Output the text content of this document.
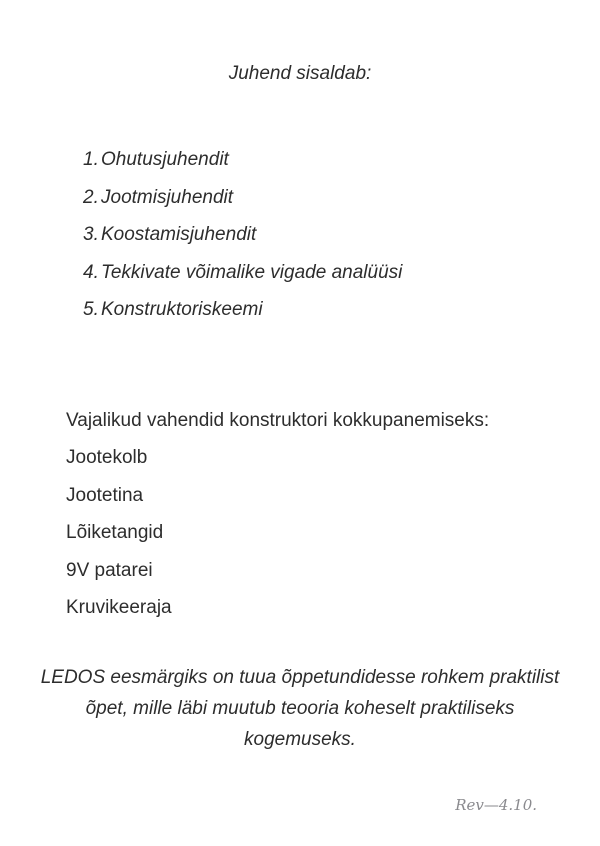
Juhend sisaldab:
1. Ohutusjuhendit
2. Jootmisjuhendit
3. Koostamisjuhendit
4. Tekkivate võimalike vigade analüüsi
5. Konstruktoriskeemi
Vajalikud vahendid konstruktori kokkupanemiseks:
Jootekolb
Jootetina
Lõiketangid
9V patarei
Kruvikeeraja
LEDOS eesmärgiks on tuua õppetundidesse rohkem praktilist
õpet, mille läbi muutub teooria koheselt praktiliseks
kogemuseks.
Rev—4.10.
